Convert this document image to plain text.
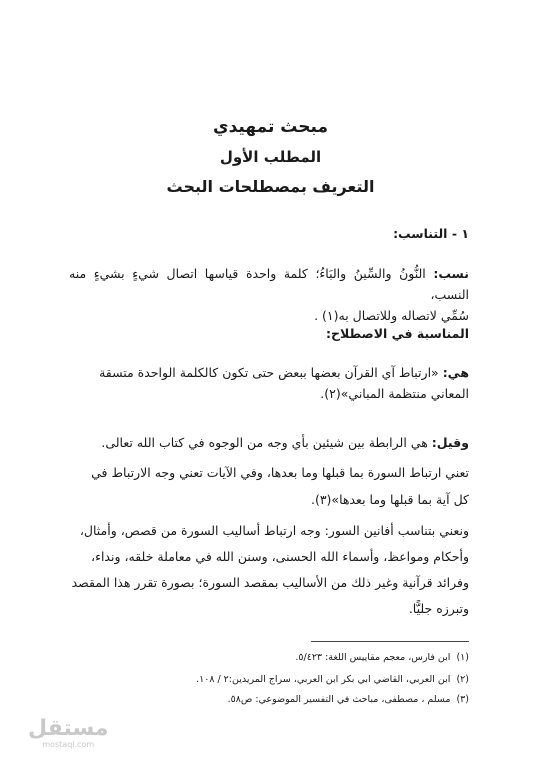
مبحث تمهيدي
المطلب الأول
التعريف بمصطلحات البحث
١ - التناسب:
نسب: النُّونُ والسِّينُ والبَاءُ؛ كلمة واحدة قياسها اتصال شيءٍ بشيءٍ منه النسب،
سُمِّي لاتصاله وللاتصال به(١) .
المناسبة في الاصطلاح:
هي: «ارتباط آي القرآن بعضها ببعض حتى تكون كالكلمة الواحدة متسقة
المعاني منتظمة المباني»(٢).
وقيل: هي الرابطة بين شيئين بأي وجه من الوجوه في كتاب الله تعالى.
تعني ارتباط السورة بما قبلها وما بعدها، وفي الآيات تعني وجه الارتباط في
كل آية بما قبلها وما بعدها»(٣).
ونعني بتناسب أفانين السور: وجه ارتباط أساليب السورة من قصص، وأمثال،
وأحكام ومواعظ، وأسماء الله الحسنى، وسنن الله في معاملة خلقه، ونداء،
وفرائد قرآنية وغير ذلك من الأساليب بمقصد السورة؛ بصورة تقرر هذا المقصد
وتبرزه جليًّا.
(١)ابن فارس، معجم مقاييس اللغة: ٥/٤٢٣.
(٢)ابن العربي، القاضي ابي بكر ابن العربي، سراج المريدين:٢ / ١٠٨.
(٣)مسلم ، مصطفى، مباحث في التفسير الموضوعي: ص٥٨.
مستقل
mostaql.com
